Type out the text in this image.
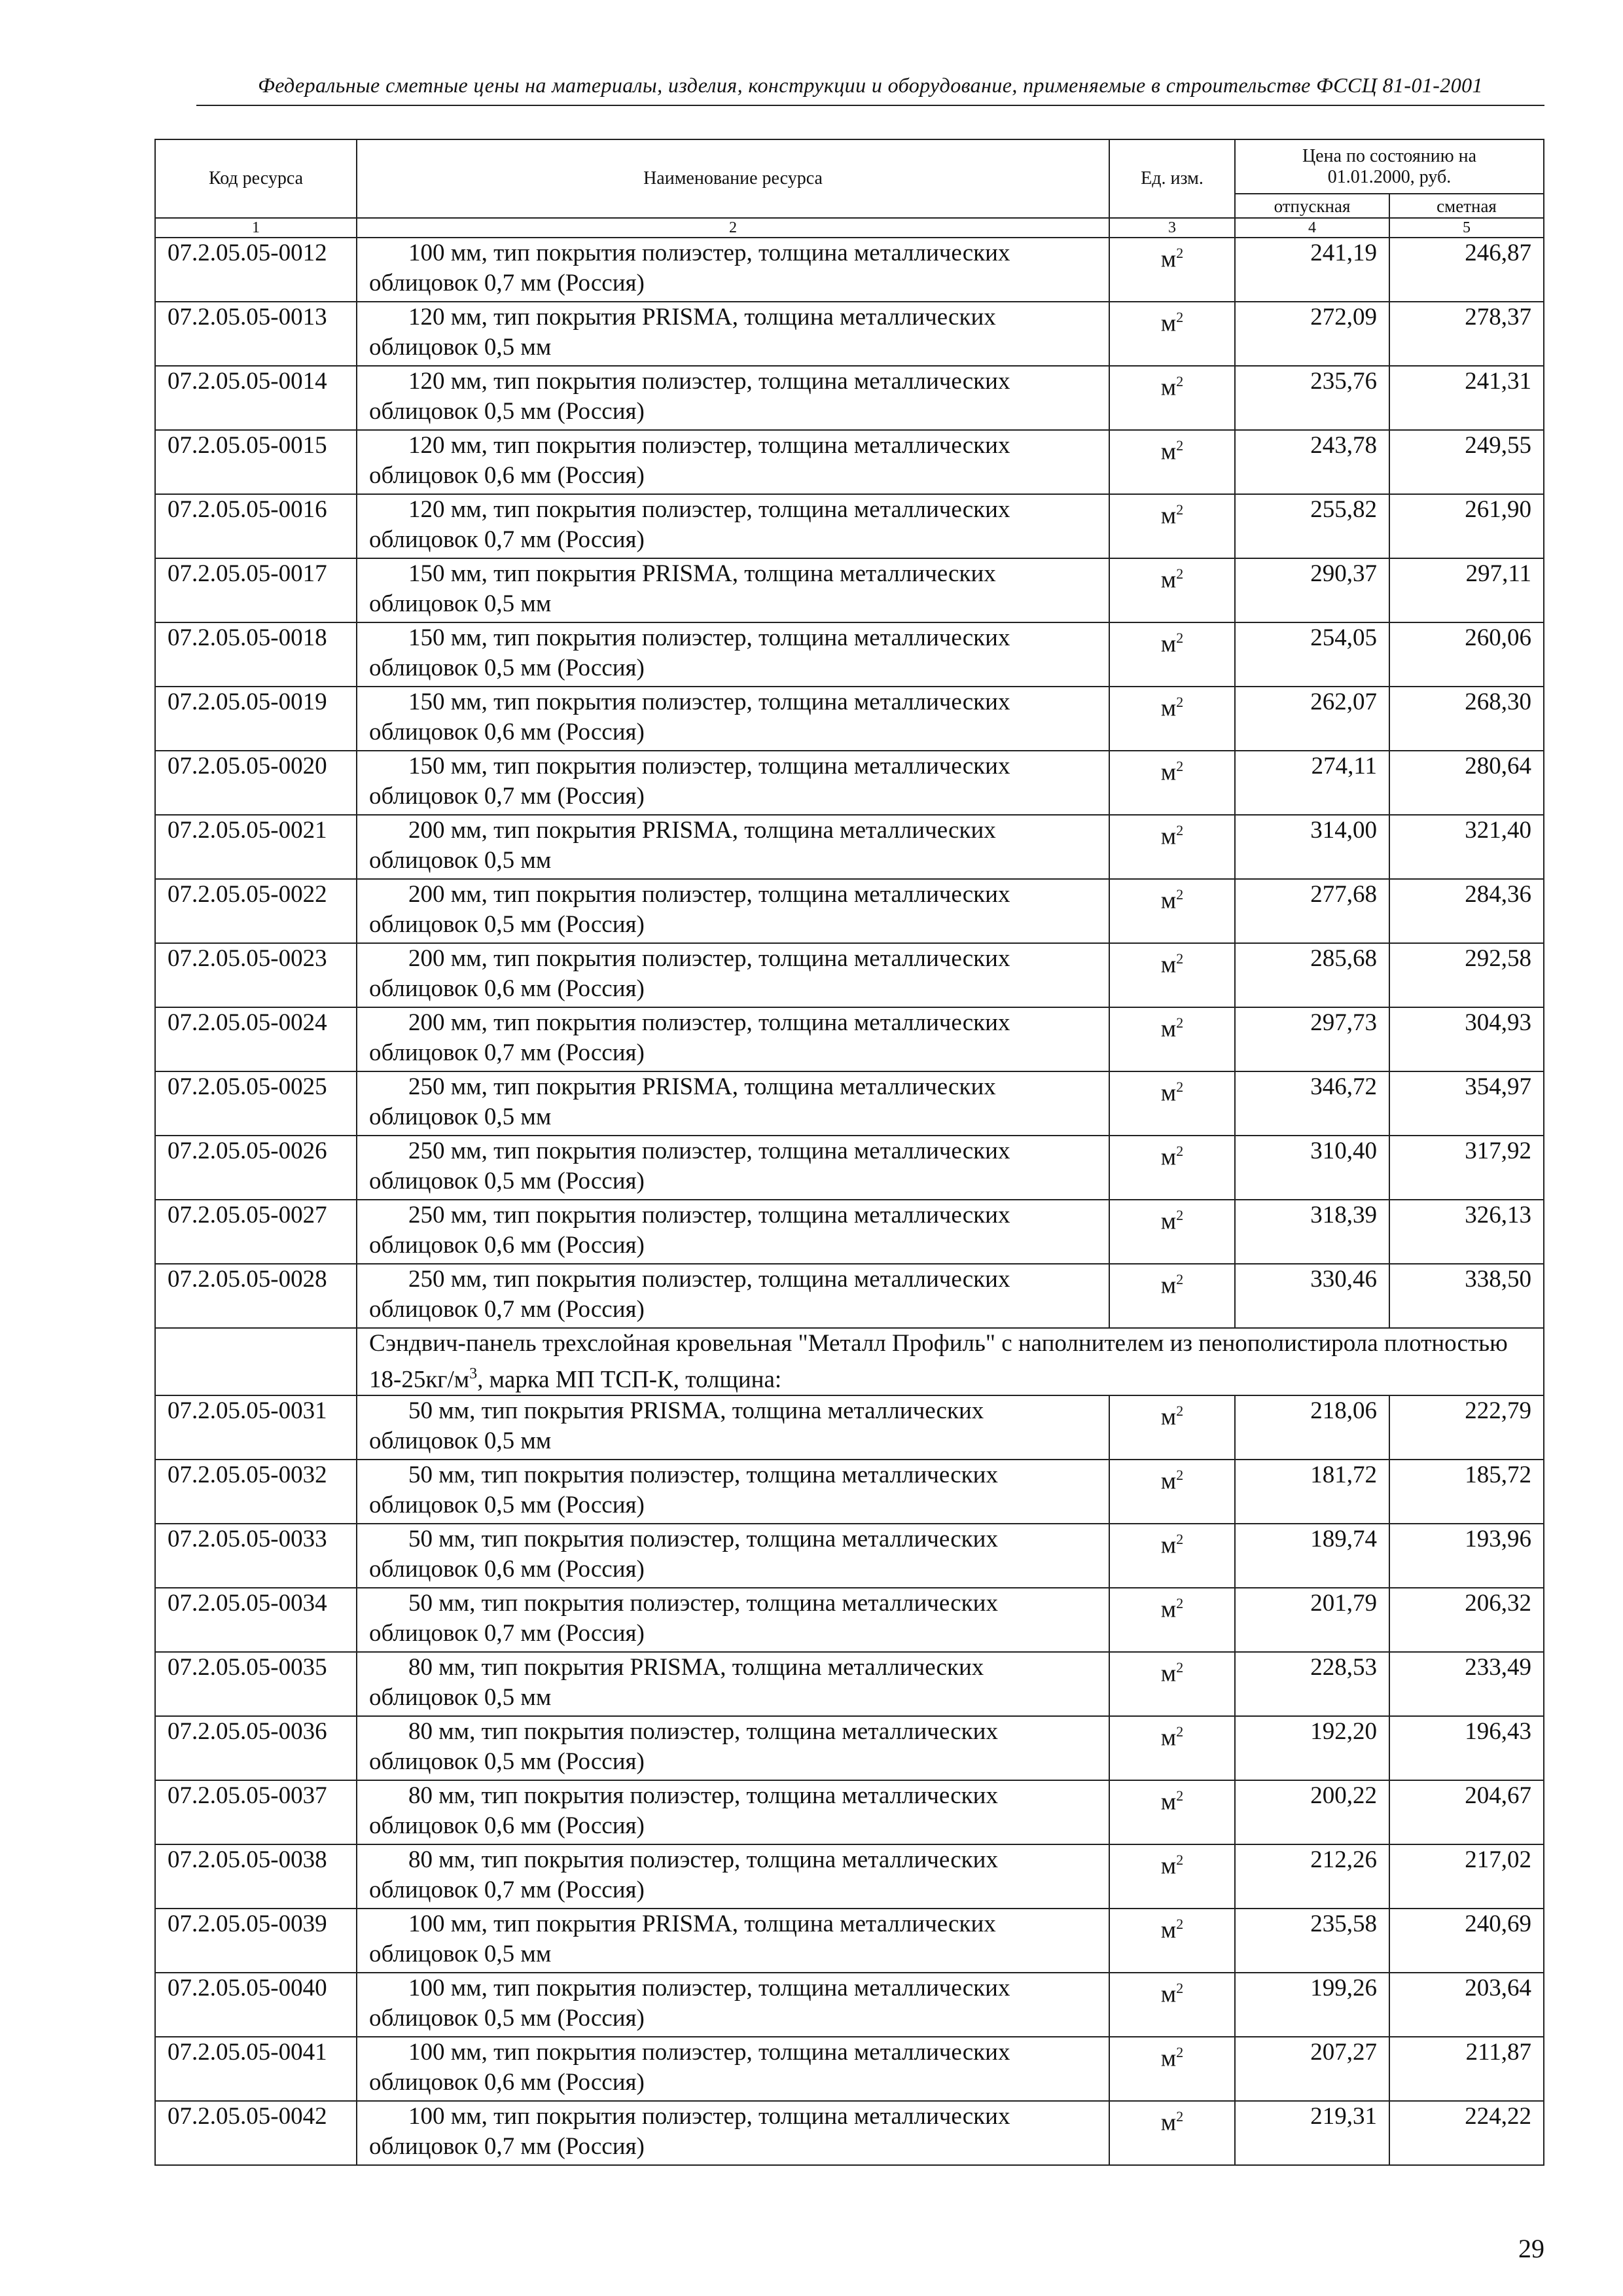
Федеральные сметные цены на материалы, изделия, конструкции и оборудование, применяемые в строительстве ФССЦ 81-01-2001
Код ресурса	Наименование ресурса	Ед. изм.	Цена по состоянию на 01.01.2000, руб.	
			отпускная	сметная
1	2	3	4	5
07.2.05.05-0012	100 мм, тип покрытия полиэстер, толщина металлических облицовок 0,7 мм (Россия)	$м^2$	241,19	246,87
07.2.05.05-0013	120 мм, тип покрытия PRISMA, толщина металлических облицовок 0,5 мм	$м^2$	272,09	278,37
07.2.05.05-0014	120 мм, тип покрытия полиэстер, толщина металлических облицовок 0,5 мм (Россия)	$м^2$	235,76	241,31
07.2.05.05-0015	120 мм, тип покрытия полиэстер, толщина металлических облицовок 0,6 мм (Россия)	$м^2$	243,78	249,55
07.2.05.05-0016	120 мм, тип покрытия полиэстер, толщина металлических облицовок 0,7 мм (Россия)	$м^2$	255,82	261,90
07.2.05.05-0017	150 мм, тип покрытия PRISMA, толщина металлических облицовок 0,5 мм	$м^2$	290,37	297,11
07.2.05.05-0018	150 мм, тип покрытия полиэстер, толщина металлических облицовок 0,5 мм (Россия)	$м^2$	254,05	260,06
07.2.05.05-0019	150 мм, тип покрытия полиэстер, толщина металлических облицовок 0,6 мм (Россия)	$м^2$	262,07	268,30
07.2.05.05-0020	150 мм, тип покрытия полиэстер, толщина металлических облицовок 0,7 мм (Россия)	$м^2$	274,11	280,64
07.2.05.05-0021	200 мм, тип покрытия PRISMA, толщина металлических облицовок 0,5 мм	$м^2$	314,00	321,40
07.2.05.05-0022	200 мм, тип покрытия полиэстер, толщина металлических облицовок 0,5 мм (Россия)	$м^2$	277,68	284,36
07.2.05.05-0023	200 мм, тип покрытия полиэстер, толщина металлических облицовок 0,6 мм (Россия)	$м^2$	285,68	292,58
07.2.05.05-0024	200 мм, тип покрытия полиэстер, толщина металлических облицовок 0,7 мм (Россия)	$м^2$	297,73	304,93
07.2.05.05-0025	250 мм, тип покрытия PRISMA, толщина металлических облицовок 0,5 мм	$м^2$	346,72	354,97
07.2.05.05-0026	250 мм, тип покрытия полиэстер, толщина металлических облицовок 0,5 мм (Россия)	$м^2$	310,40	317,92
07.2.05.05-0027	250 мм, тип покрытия полиэстер, толщина металлических облицовок 0,6 мм (Россия)	$м^2$	318,39	326,13
07.2.05.05-0028	250 мм, тип покрытия полиэстер, толщина металлических облицовок 0,7 мм (Россия)	$м^2$	330,46	338,50
	Сэндвич-панель трехслойная кровельная "Металл Профиль" с наполнителем из пенополистирола плотностью $18-25кг/м^3$, марка МП ТСП-К, толщина:			
07.2.05.05-0031	50 мм, тип покрытия PRISMA, толщина металлических облицовок 0,5 мм	$м^2$	218,06	222,79
07.2.05.05-0032	50 мм, тип покрытия полиэстер, толщина металлических облицовок 0,5 мм (Россия)	$м^2$	181,72	185,72
07.2.05.05-0033	50 мм, тип покрытия полиэстер, толщина металлических облицовок 0,6 мм (Россия)	$м^2$	189,74	193,96
07.2.05.05-0034	50 мм, тип покрытия полиэстер, толщина металлических облицовок 0,7 мм (Россия)	$м^2$	201,79	206,32
07.2.05.05-0035	80 мм, тип покрытия PRISMA, толщина металлических облицовок 0,5 мм	$м^2$	228,53	233,49
07.2.05.05-0036	80 мм, тип покрытия полиэстер, толщина металлических облицовок 0,5 мм (Россия)	$м^2$	192,20	196,43
07.2.05.05-0037	80 мм, тип покрытия полиэстер, толщина металлических облицовок 0,6 мм (Россия)	$м^2$	200,22	204,67
07.2.05.05-0038	80 мм, тип покрытия полиэстер, толщина металлических облицовок 0,7 мм (Россия)	$м^2$	212,26	217,02
07.2.05.05-0039	100 мм, тип покрытия PRISMA, толщина металлических облицовок 0,5 мм	$м^2$	235,58	240,69
07.2.05.05-0040	100 мм, тип покрытия полиэстер, толщина металлических облицовок 0,5 мм (Россия)	$м^2$	199,26	203,64
07.2.05.05-0041	100 мм, тип покрытия полиэстер, толщина металлических облицовок 0,6 мм (Россия)	$м^2$	207,27	211,87
07.2.05.05-0042	100 мм, тип покрытия полиэстер, толщина металлических облицовок 0,7 мм (Россия)	$м^2$	219,31	224,22
29
